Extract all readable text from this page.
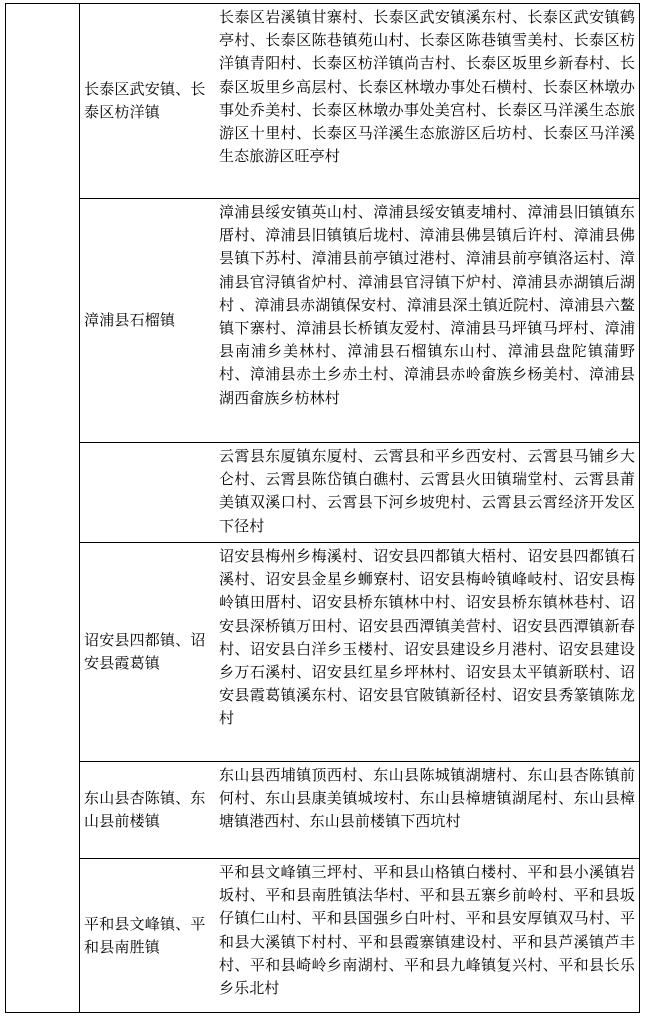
长泰区武安镇、长泰区枋洋镇
长泰区岩溪镇甘寨村、长泰区武安镇溪东村、长泰区武安镇鹤亭村、长泰区陈巷镇苑山村、长泰区陈巷镇雪美村、长泰区枋洋镇青阳村、长泰区枋洋镇尚吉村、长泰区坂里乡新春村、长泰区坂里乡高层村、长泰区林墩办事处石横村、长泰区林墩办事处乔美村、长泰区林墩办事处美宫村、长泰区马洋溪生态旅游区十里村、长泰区马洋溪生态旅游区后坊村、长泰区马洋溪生态旅游区旺亭村
漳浦县石榴镇
漳浦县绥安镇英山村、漳浦县绥安镇麦埔村、漳浦县旧镇镇东厝村、漳浦县旧镇镇后垅村、漳浦县佛昙镇后许村、漳浦县佛昙镇下苏村、漳浦县前亭镇过港村、漳浦县前亭镇洛运村、漳浦县官浔镇省炉村、漳浦县官浔镇下炉村、漳浦县赤湖镇后湖村 、漳浦县赤湖镇保安村、漳浦县深土镇近院村、漳浦县六鳌镇下寨村、漳浦县长桥镇友爱村、漳浦县马坪镇马坪村、漳浦县南浦乡美林村、漳浦县石榴镇东山村、漳浦县盘陀镇蒲野村、漳浦县赤土乡赤土村、漳浦县赤岭畲族乡杨美村、漳浦县湖西畲族乡枋林村
云霄县东厦镇东厦村、云霄县和平乡西安村、云霄县马铺乡大仑村、云霄县陈岱镇白礁村、云霄县火田镇瑞堂村、云霄县莆美镇双溪口村、云霄县下河乡坡兜村、云霄县云霄经济开发区下径村
诏安县四都镇、诏安县霞葛镇
诏安县梅州乡梅溪村、诏安县四都镇大梧村、诏安县四都镇石溪村、诏安县金星乡蛳寮村、诏安县梅岭镇峰岐村、诏安县梅岭镇田厝村、诏安县桥东镇林中村、诏安县桥东镇林巷村、诏安县深桥镇万田村、诏安县西潭镇美营村、诏安县西潭镇新春村、诏安县白洋乡玉楼村、诏安县建设乡月港村、诏安县建设乡万石溪村、诏安县红星乡坪林村、诏安县太平镇新联村、诏安县霞葛镇溪东村、诏安县官陂镇新径村、诏安县秀篆镇陈龙村
东山县杏陈镇、东山县前楼镇
东山县西埔镇顶西村、东山县陈城镇湖塘村、东山县杏陈镇前何村、东山县康美镇城垵村、东山县樟塘镇湖尾村、东山县樟塘镇港西村、东山县前楼镇下西坑村
平和县文峰镇、平和县南胜镇
平和县文峰镇三坪村、平和县山格镇白楼村、平和县小溪镇岩坂村、平和县南胜镇法华村、平和县五寨乡前岭村、平和县坂仔镇仁山村、平和县国强乡白叶村、平和县安厚镇双马村、平和县大溪镇下村村、平和县霞寨镇建设村、平和县芦溪镇芦丰村、平和县崎岭乡南湖村、平和县九峰镇复兴村、平和县长乐乡乐北村
